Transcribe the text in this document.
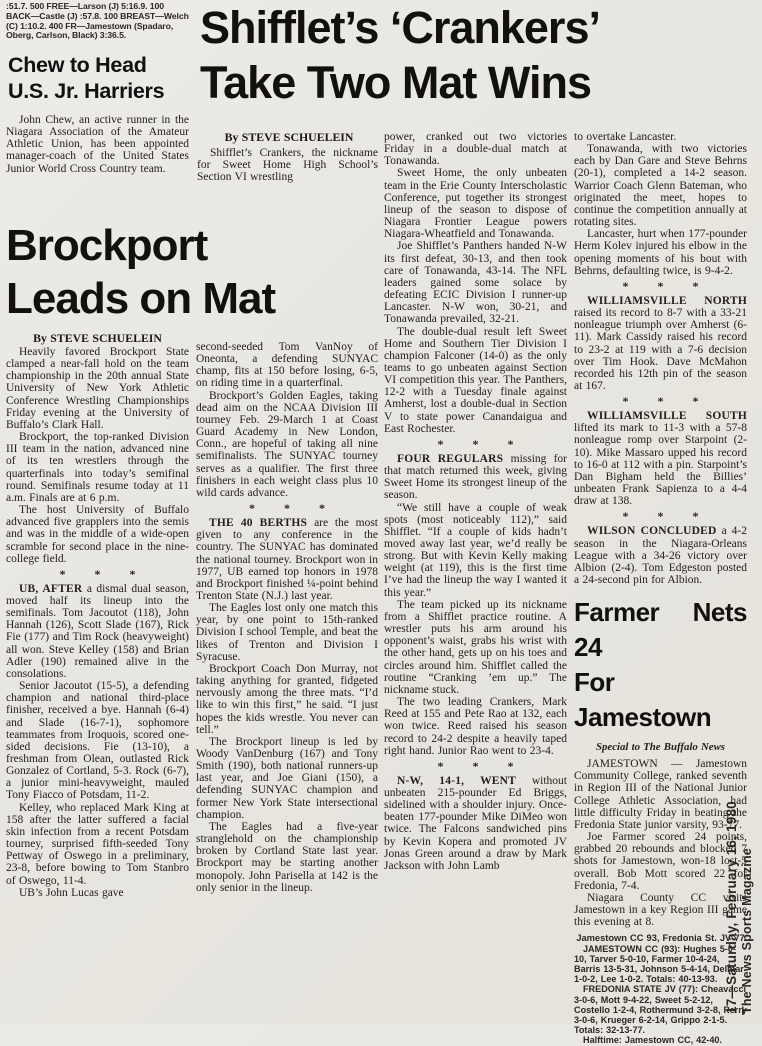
:51.7. 500 FREE—Larson (J) 5:16.9. 100 BACK—Castle (J) :57.8. 100 BREAST—Welch (C) 1:10.2. 400 FR—Jamestown (Spadaro, Oberg, Carlson, Black) 3:36.5.
Chew to Head
U.S. Jr. Harriers

John Chew, an active runner in the Niagara Association of the Amateur Athletic Union, has been appointed manager-coach of the United States Junior World Cross Country team.

Shifflet’s ‘Crankers’
Take Two Mat Wins
By STEVE SCHUELEIN

Shifflet’s Crankers, the nickname for Sweet Home High School’s Section VI wrestling

Brockport
Leads on Mat
By STEVE SCHUELEIN

Heavily favored Brockport State clamped a near-fall hold on the team championship in the 20th annual State University of New York Athletic Conference Wrestling Championships Friday evening at the University of Buffalo’s Clark Hall.

Brockport, the top-ranked Division III team in the nation, advanced nine of its ten wrestlers through the quarterfinals into today’s semifinal round. Semifinals resume today at 11 a.m. Finals are at 6 p.m.

The host University of Buffalo advanced five grapplers into the semis and was in the middle of a wide-open scramble for second place in the nine-college field.

* * *

UB, AFTER a dismal dual season, moved half its lineup into the semifinals. Tom Jacoutot (118), John Hannah (126), Scott Slade (167), Rick Fie (177) and Tim Rock (heavyweight) all won. Steve Kelley (158) and Brian Adler (190) remained alive in the consolations.

Senior Jacoutot (15-5), a defending champion and national third-place finisher, received a bye. Hannah (6-4) and Slade (16-7-1), sophomore teammates from Iroquois, scored one-sided decisions. Fie (13-10), a freshman from Olean, outlasted Rick Gonzalez of Cortland, 5-3. Rock (6-7), a junior mini-heavyweight, mauled Tony Fiacco of Potsdam, 11-2.

Kelley, who replaced Mark King at 158 after the latter suffered a facial skin infection from a recent Potsdam tourney, surprised fifth-seeded Tony Pettway of Oswego in a preliminary, 23-8, before bowing to Tom Stanbro of Oswego, 11-4.

UB’s John Lucas gave

second-seeded Tom VanNoy of Oneonta, a defending SUNYAC champ, fits at 150 before losing, 6-5, on riding time in a quarterfinal.

Brockport’s Golden Eagles, taking dead aim on the NCAA Division III tourney Feb. 29-March 1 at Coast Guard Academy in New London, Conn., are hopeful of taking all nine semifinalists. The SUNYAC tourney serves as a qualifier. The first three finishers in each weight class plus 10 wild cards advance.

* * *

THE 40 BERTHS are the most given to any conference in the country. The SUNYAC has dominated the national tourney. Brockport won in 1977, UB earned top honors in 1978 and Brockport finished ¼-point behind Trenton State (N.J.) last year.

The Eagles lost only one match this year, by one point to 15th-ranked Division I school Temple, and beat the likes of Trenton and Division I Syracuse.

Brockport Coach Don Murray, not taking anything for granted, fidgeted nervously among the three mats. “I’d like to win this first,” he said. “I just hopes the kids wrestle. You never can tell.”

The Brockport lineup is led by Woody VanDenburg (167) and Tony Smith (190), both national runners-up last year, and Joe Giani (150), a defending SUNYAC champion and former New York State intersectional champion.

The Eagles had a five-year stranglehold on the championship broken by Cortland State last year. Brockport may be starting another monopoly. John Parisella at 142 is the only senior in the lineup.

power, cranked out two victories Friday in a double-dual match at Tonawanda.

Sweet Home, the only unbeaten team in the Erie County Interscholastic Conference, put together its strongest lineup of the season to dispose of Niagara Frontier League powers Niagara-Wheatfield and Tonawanda.

Joe Shifflet’s Panthers handed N-W its first defeat, 30-13, and then took care of Tonawanda, 43-14. The NFL leaders gained some solace by defeating ECIC Division I runner-up Lancaster. N-W won, 30-21, and Tonawanda prevailed, 32-21.

The double-dual result left Sweet Home and Southern Tier Division I champion Falconer (14-0) as the only teams to go unbeaten against Section VI competition this year. The Panthers, 12-2 with a Tuesday finale against Amherst, lost a double-dual in Section V to state power Canandaigua and East Rochester.

* * *

FOUR REGULARS missing for that match returned this week, giving Sweet Home its strongest lineup of the season.

“We still have a couple of weak spots (most noticeably 112),” said Shifflet. “If a couple of kids hadn’t moved away last year, we’d really be strong. But with Kevin Kelly making weight (at 119), this is the first time I’ve had the lineup the way I wanted it this year.”

The team picked up its nickname from a Shifflet practice routine. A wrestler puts his arm around his opponent’s waist, grabs his wrist with the other hand, gets up on his toes and circles around him. Shifflet called the routine “Cranking ’em up.” The nickname stuck.

The two leading Crankers, Mark Reed at 155 and Pete Rao at 132, each won twice. Reed raised his season record to 24-2 despite a heavily taped right hand. Junior Rao went to 23-4.

* * *

N-W, 14-1, WENT without unbeaten 215-pounder Ed Briggs, sidelined with a shoulder injury. Once-beaten 177-pounder Mike DiMeo won twice. The Falcons sandwiched pins by Kevin Kopera and promoted JV Jonas Green around a draw by Mark Jackson with John Lamb

to overtake Lancaster.

Tonawanda, with two victories each by Dan Gare and Steve Behrns (20-1), completed a 14-2 season. Warrior Coach Glenn Bateman, who originated the meet, hopes to continue the competition annually at rotating sites.

Lancaster, hurt when 177-pounder Herm Kolev injured his elbow in the opening moments of his bout with Behrns, defaulting twice, is 9-4-2.

* * *

WILLIAMSVILLE NORTH raised its record to 8-7 with a 33-21 nonleague triumph over Amherst (6-11). Mark Cassidy raised his record to 23-2 at 119 with a 7-6 decision over Tim Hook. Dave McMahon recorded his 12th pin of the season at 167.

* * *

WILLIAMSVILLE SOUTH lifted its mark to 11-3 with a 57-8 nonleague romp over Starpoint (2-10). Mike Massaro upped his record to 16-0 at 112 with a pin. Starpoint’s Dan Bigham held the Billies’ unbeaten Frank Sapienza to a 4-4 draw at 138.

* * *

WILSON CONCLUDED a 4-2 season in the Niagara-Orleans League with a 34-26 victory over Albion (2-4). Tom Edgeston posted a 24-second pin for Albion.

Farmer Nets 24
For Jamestown
Special to The Buffalo News

JAMESTOWN — Jamestown Community College, ranked seventh in Region III of the National Junior College Athletic Association, had little difficulty Friday in beating the Fredonia State junior varsity, 93-77.

Joe Farmer scored 24 points, grabbed 20 rebounds and blocked 7 shots for Jamestown, won-18 lost-5 overall. Bob Mott scored 22 for Fredonia, 7-4.

Niagara County CC visits Jamestown in a key Region III game this evening at 8.

Jamestown CC 93, Fredonia St. JV 77

JAMESTOWN CC (93): Hughes 5-0-10, Tarver 5-0-10, Farmer 10-4-24, Barris 13-5-31, Johnson 5-4-14, Delmar 1-0-2, Lee 1-0-2. Totals: 40-13-93.

FREDONIA STATE JV (77): Cheavacci 3-0-6, Mott 9-4-22, Sweet 5-2-12, Costello 1-2-4, Rothermund 3-2-8, Perry 3-0-6, Krueger 6-2-14, Grippo 2-1-5. Totals: 32-13-77.

Halftime: Jamestown CC, 42-40.

17—Saturday, February 16, 1980 The News Sports Magazine
